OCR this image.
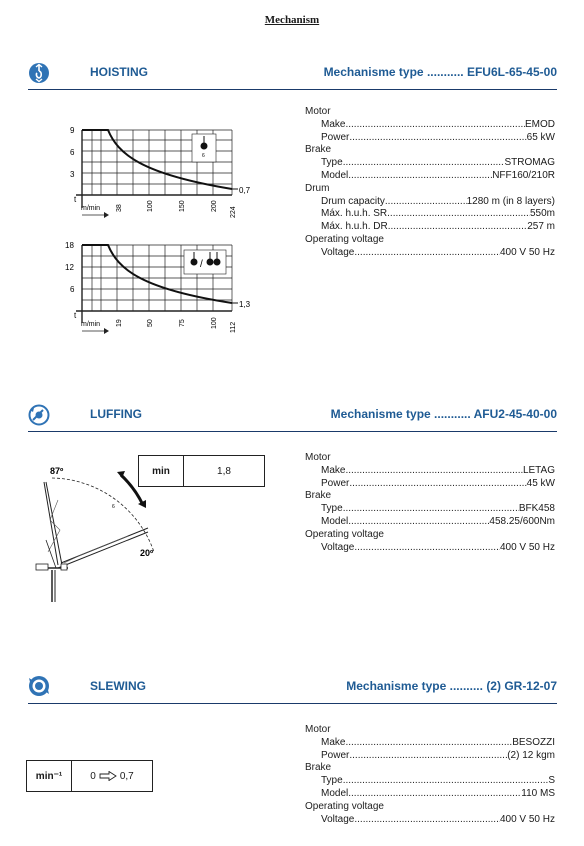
Mechanism
HOISTING	Mechanisme type ........... EFU6L-65-45-00
6
9
6
3
t
m/min 38	100	150	200
224
0,7
/
18
12
6
t
m/min 19	50	75	100 112
1,3
Motor
Make .....	EMOD
Power .....	65 kW
Brake
Type .....	STROMAG
Model .....	NFF160/210R
Drum
Drum capacity .....	1280 m (in 8 layers)
Máx. h.u.h. SR .....	550m
Máx. h.u.h. DR .....	257 m
Operating voltage
Voltage .....	400 V 50 Hz
LUFFING	Mechanisme type ........... AFU2-45-40-00
6
87º
20º
min	1,8
Motor
Make .....	LETAG
Power .....	45 kW
Brake
Type .....	BFK458
Model .....	458.25/600Nm
Operating voltage
Voltage .....	400 V 50 Hz
SLEWING	Mechanisme type .......... (2) GR-12-07
min⁻¹	0 0,7
Motor
Make .....	BESOZZI
Power .....	(2) 12 kgm
Brake
Type .....	S
Model .....	110 MS
Operating voltage
Voltage .....	400 V 50 Hz
